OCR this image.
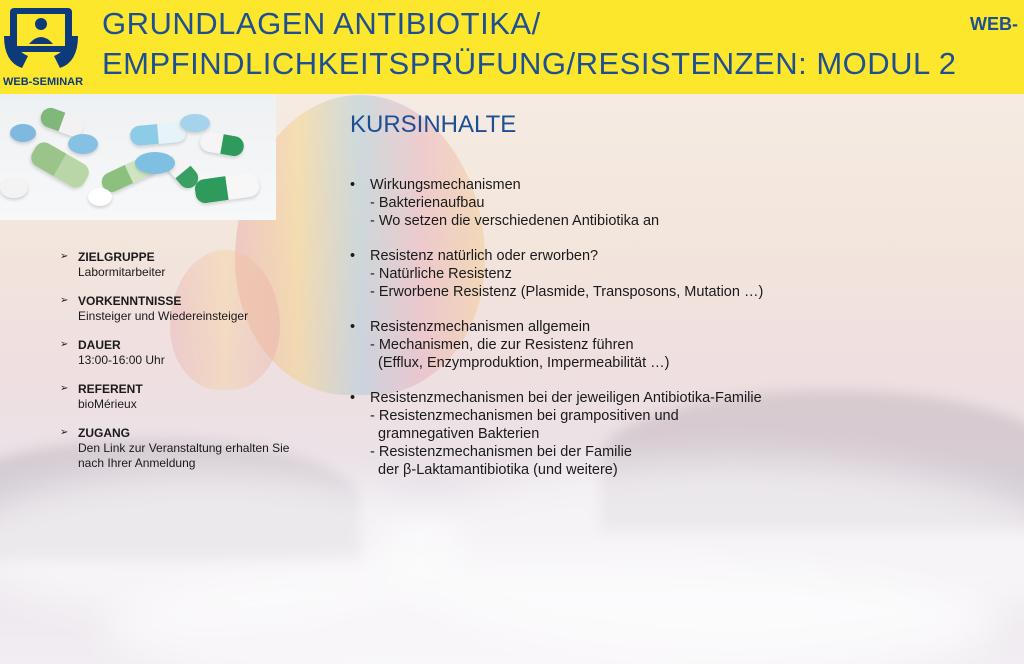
WEB-SEMINAR
GRUNDLAGEN ANTIBIOTIKA/
EMPFINDLICHKEITSPRÜFUNG/RESISTENZEN: MODUL 2
WEB-
➢ ZIELGRUPPE
Labormitarbeiter
➢ VORKENNTNISSE
Einsteiger und Wiedereinsteiger
➢ DAUER
13:00-16:00 Uhr
➢ REFERENT
bioMérieux
➢ ZUGANG
Den Link zur Veranstaltung erhalten Sie
nach Ihrer Anmeldung
KURSINHALTE
• Wirkungsmechanismen
- Bakterienaufbau
- Wo setzen die verschiedenen Antibiotika an
• Resistenz natürlich oder erworben?
- Natürliche Resistenz
- Erworbene Resistenz (Plasmide, Transposons, Mutation …)
• Resistenzmechanismen allgemein
- Mechanismen, die zur Resistenz führen
(Efflux, Enzymproduktion, Impermeabilität …)
• Resistenzmechanismen bei der jeweiligen Antibiotika-Familie
- Resistenzmechanismen bei grampositiven und
gramnegativen Bakterien
- Resistenzmechanismen bei der Familie
der β-Laktamantibiotika (und weitere)
